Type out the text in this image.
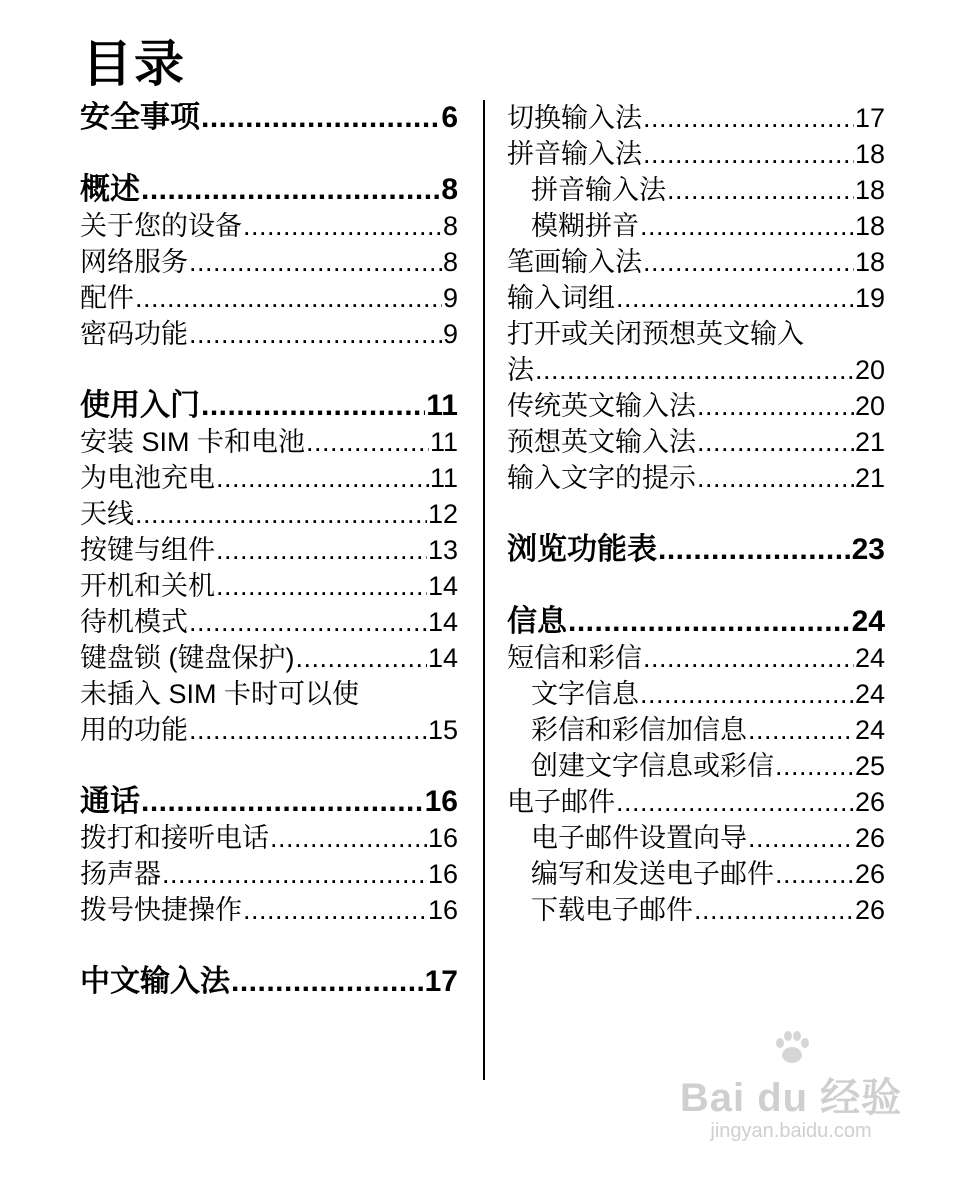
目录
安全事项 .....	6
概述 .....	8
关于您的设备 .....	8
网络服务 .....	8
配件 .....	9
密码功能 .....	9
使用入门 .....	11
安装 SIM 卡和电池 .....	11
为电池充电 .....	11
天线 .....	12
按键与组件 .....	13
开机和关机 .....	14
待机模式 .....	14
键盘锁 (键盘保护) .....	14
未插入 SIM 卡时可以使
用的功能 .....	15
通话 .....	16
拨打和接听电话 .....	16
扬声器 .....	16
拨号快捷操作 .....	16
中文输入法 .....	17
切换输入法 .....	17
拼音输入法 .....	18
拼音输入法 .....	18
模糊拼音 .....	18
笔画输入法 .....	18
输入词组 .....	19
打开或关闭预想英文输入
法 .....	20
传统英文输入法 .....	20
预想英文输入法 .....	21
输入文字的提示 .....	21
浏览功能表 .....	23
信息 .....	24
短信和彩信 .....	24
文字信息 .....	24
彩信和彩信加信息 .....	24
创建文字信息或彩信 .....	25
电子邮件 .....	26
电子邮件设置向导 .....	26
编写和发送电子邮件 .....	26
下载电子邮件 .....	26
Bai du 经验
jingyan.baidu.com
